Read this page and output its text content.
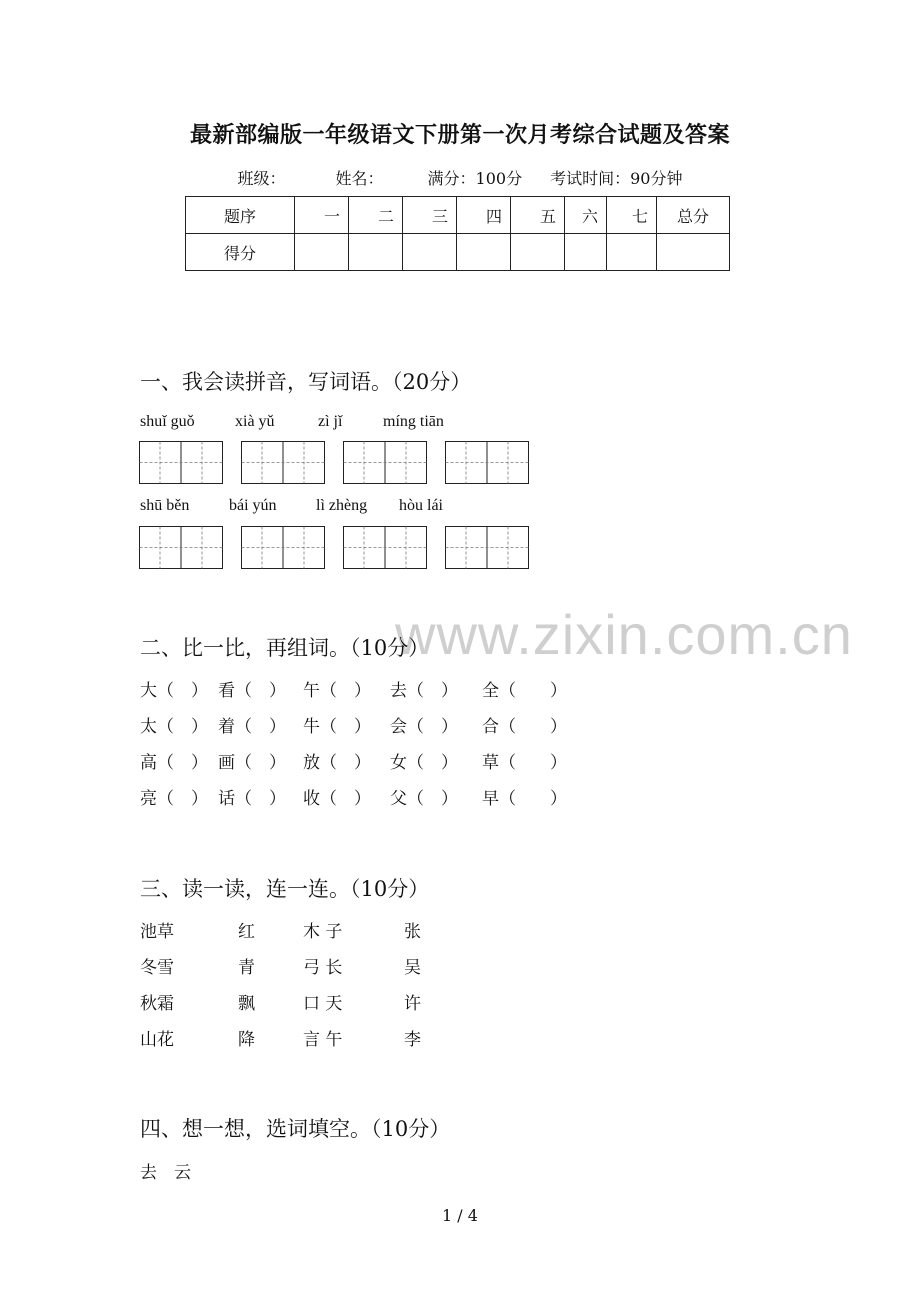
最新部编版一年级语文下册第一次月考综合试题及答案
班级：	姓名：	满分：100分 考试时间：90分钟
题序	一	二	三	四	五	六	七	总分
得分								
一、我会读拼音，写词语。（20分）
shuǐ guǒ	xià yǔ	zì jǐ	míng tiān
shū běn bái yún lì zhèng hòu lái
www.zixin.com.cn
二、比一比，再组词。（10分）
大（　） 看（　） 午（　） 去（　） 全（　　）
太（　） 着（　） 牛（　） 会（　） 合（　　）
高（　） 画（　） 放（　） 女（　） 草（　　）
亮（　） 话（　） 收（　） 父（　） 早（　　）
三、读一读，连一连。（10分）
池草	红	木 子	张
冬雪	青	弓 长	吴
秋霜	飘	口 天	许
山花	降	言 午	李
四、想一想，选词填空。（10分）
去　云
1 / 4
